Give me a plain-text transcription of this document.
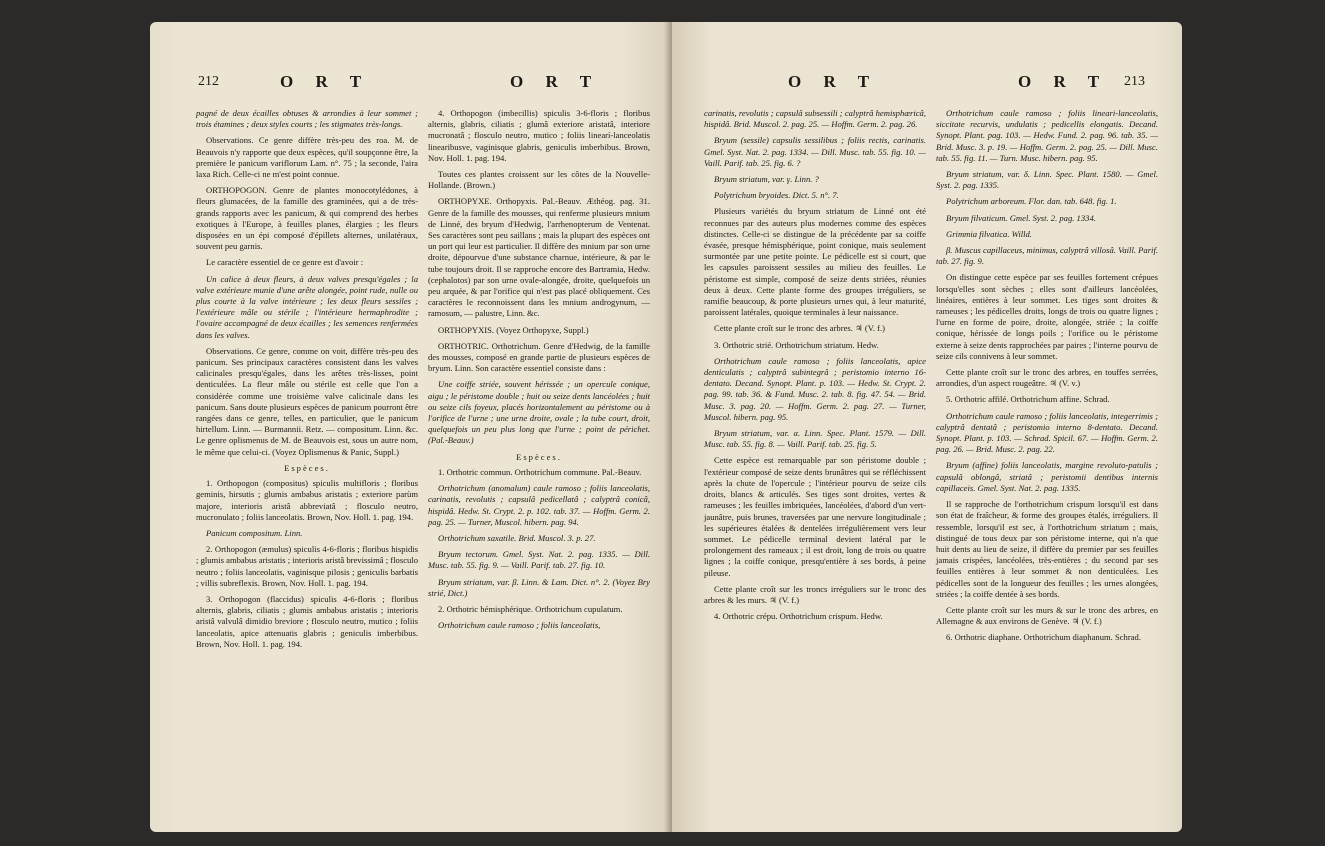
212	O R T	O R T

pagné de deux écailles obtuses & arrondies à leur sommet ; trois étamines ; deux styles courts ; les stigmates très-longs.

Observations. Ce genre diffère très-peu des roa. M. de Beauvois n'y rapporte que deux espèces, qu'il soupçonne être, la première le panicum variflorum Lam. n°. 75 ; la seconde, l'aira laxa Rich. Celle-ci ne m'est point connue.

ORTHOPOGON. Genre de plantes monocotylédones, à fleurs glumacées, de la famille des graminées, qui a de très-grands rapports avec les panicum, & qui comprend des herbes exotiques à l'Europe, à feuilles planes, élargies ; les fleurs disposées en un épi composé d'épillets alternes, unilatéraux, souvent peu garnis.

Le caractère essentiel de ce genre est d'avoir :

Un calice à deux fleurs, à deux valves presqu'égales ; la valve extérieure munie d'une arête alongée, point rude, nulle ou plus courte à la valve intérieure ; les deux fleurs sessiles ; l'extérieure mâle ou stérile ; l'intérieure hermaphrodite ; l'ovaire accompagné de deux écailles ; les semences renfermées dans les valves.

Observations. Ce genre, comme on voit, diffère très-peu des panicum. Ses principaux caractères consistent dans les valves calicinales presqu'égales, dans les arêtes très-lisses, point denticulées. La fleur mâle ou stérile est celle que l'on a considérée comme une troisième valve calicinale dans les panicum. Sans doute plusieurs espèces de panicum pourront être rangées dans ce genre, telles, en particulier, que le panicum hirtellum. Linn. — Burmannii. Retz. — compositum. Linn. &c. Le genre oplismenus de M. de Beauvois est, sous un autre nom, le même que celui-ci. (Voyez Oplismenus & Panic, Suppl.)

Espèces.

1. Orthopogon (compositus) spiculis multifloris ; floribus geminis, hirsutis ; glumis ambabus aristatis ; exteriore parùm majore, interioris aristâ abbreviatâ ; flosculo neutro, mucronulato ; foliis lanceolatis. Brown, Nov. Holl. 1. pag. 194.

Panicum compositum. Linn.

2. Orthopogon (æmulus) spiculis 4-6-floris ; floribus hispidis ; glumis ambabus aristatis ; interioris aristâ brevissimâ ; flosculo neutro ; foliis lanceolatis, vaginisque pilosis ; geniculis barbatis ; villis subreflexis. Brown, Nov. Holl. 1. pag. 194.

3. Orthopogon (flaccidus) spiculis 4-6-floris ; floribus alternis, glabris, ciliatis ; glumis ambabus aristatis ; interioris aristâ valvulâ dimidio breviore ; flosculo neutro, mutico ; foliis lanceolatis, apice attenuatis glabris ; geniculis imberbibus. Brown, Nov. Holl. 1. pag. 194.

4. Orthopogon (imbecillis) spiculis 3-6-floris ; floribus alternis, glabris, ciliatis ; glumâ exteriore aristatâ, interiore mucronatâ ; flosculo neutro, mutico ; foliis linearí-lanceolatis linearibusve, vaginisque glabris, geniculis imberbibus. Brown, Nov. Holl. 1. pag. 194.

Toutes ces plantes croissent sur les côtes de la Nouvelle-Hollande. (Brown.)

ORTHOPYXE. Orthopyxis. Pal.-Beauv. Æthéog. pag. 31. Genre de la famille des mousses, qui renferme plusieurs mnium de Linné, des bryum d'Hedwig, l'arrhenopterum de Ventenat. Ses caractères sont peu saillans ; mais la plupart des espèces ont un port qui leur est particulier. Il diffère des mnium par son urne droite, dépourvue d'une substance charnue, intérieure, & par le tube toujours droit. Il se rapproche encore des Bartramia, Hedw. (cephalotos) par son urne ovale-alongée, droite, quelquefois un peu arquée, & par l'orifice qui n'est pas placé obliquement. Ces caractères le reconnoissent dans les mnium androgynum, — ramosum, — palustre, Linn. &c.

ORTHOPYXIS. (Voyez Orthopyxe, Suppl.)

ORTHOTRIC. Orthotrichum. Genre d'Hedwig, de la famille des mousses, composé en grande partie de plusieurs espèces de bryum. Linn. Son caractère essentiel consiste dans :

Une coiffe striée, souvent hérissée ; un opercule conique, aigu ; le péristome double ; huit ou seize dents lancéolées ; huit ou seize cils foyeux, placés horizontalement au péristome ou à l'orifice de l'urne ; une urne droite, ovale ; la tube court, droit, quelquefois un peu plus long que l'urne ; point de périchet. (Pal.-Beauv.)

Espèces.

1. Orthotric commun. Orthotrichum commune. Pal.-Beauv.

Orthotrichum (anomalum) caule ramoso ; foliis lanceolatis, carinatis, revolutis ; capsulâ pedicellatâ ; calyptrâ conicâ, hispidâ. Hedw. St. Crypt. 2. p. 102. tab. 37. — Hoffm. Germ. 2. pag. 25. — Turner, Muscol. hibern. pag. 94.

Orthotrichum saxatile. Brid. Muscol. 3. p. 27.

Bryum tectorum. Gmel. Syst. Nat. 2. pag. 1335. — Dill. Musc. tab. 55. fig. 9. — Vaill. Parif. tab. 27. fig. 10.

Bryum striatum, var. β. Linn. & Lam. Dict. n°. 2. (Voyez Bry strié, Dict.)

2. Orthotric hémisphérique. Orthotrichum cupulatum.

Orthotrichum caule ramoso ; foliis lanceolatis,

O R T	O R T 213

carinatis, revolutis ; capsulâ subsessili ; calyptrâ hemisphæricâ, hispidâ. Brid. Muscol. 2. pag. 25. — Hoffm. Germ. 2. pag. 26.

Bryum (sessile) capsulis sessilibus ; foliis rectis, carinatis. Gmel. Syst. Nat. 2. pag. 1334. — Dill. Musc. tab. 55. fig. 10. — Vaill. Parif. tab. 25. fig. 6. ?

Bryum striatum, var. γ. Linn. ?

Polytrichum bryoides. Dict. 5. n°. 7.

Plusieurs variétés du bryum striatum de Linné ont été reconnues par des auteurs plus modernes comme des espèces distinctes. Celle-ci se distingue de la précédente par sa coiffe évasée, presque hémisphérique, point conique, mais seulement surmontée par une petite pointe. Le pédicelle est si court, que les capsules paroissent sessiles au milieu des feuilles. Le péristome est simple, composé de seize dents striées, réunies deux à deux. Cette plante forme des groupes irréguliers, se ramifie beaucoup, & porte plusieurs urnes qui, à leur maturité, paroissent latérales, quoique terminales à leur naissance.

Cette plante croît sur le tronc des arbres. ♃ (V. f.)

3. Orthotric strié. Orthotrichum striatum. Hedw.

Orthotrichum caule ramoso ; foliis lanceolatis, apice denticulatis ; calyptrâ subintegrâ ; peristomio interno 16-dentato. Decand. Synopt. Plant. p. 103. — Hedw. St. Crypt. 2. pag. 99. tab. 36. & Fund. Musc. 2. tab. 8. fig. 47. 54. — Brid. Musc. 3. pag. 20. — Hoffm. Germ. 2. pag. 27. — Turner, Muscol. hibern. pag. 95.

Bryum striatum, var. α. Linn. Spec. Plant. 1579. — Dill. Musc. tab. 55. fig. 8. — Vaill. Parif. tab. 25. fig. 5.

Cette espèce est remarquable par son péristome double ; l'extérieur composé de seize dents brunâtres qui se réfléchissent après la chute de l'opercule ; l'intérieur pourvu de seize cils droits, blancs & articulés. Ses tiges sont droites, vertes & rameuses ; les feuilles imbriquées, lancéolées, d'abord d'un vert-jaunâtre, puis brunes, traversées par une nervure longitudinale ; les supérieures étalées & dentelées irrégulièrement vers leur sommet. Le pédicelle terminal devient latéral par le prolongement des rameaux ; il est droit, long de trois ou quatre lignes ; la coiffe conique, presqu'entière à ses bords, à peine pileuse.

Cette plante croît sur les troncs irréguliers sur le tronc des arbres & les murs. ♃ (V. f.)

4. Orthotric crépu. Orthotrichum crispum. Hedw.

Orthotrichum caule ramoso ; foliis lineari-lanceolatis, siccitate recurvis, undulatis ; pedicellis elongatis. Decand. Synopt. Plant. pag. 103. — Hedw. Fund. 2. pag. 96. tab. 35. — Brid. Musc. 3. p. 19. — Hoffm. Germ. 2. pag. 25. — Dill. Musc. tab. 55. fig. 11. — Turn. Musc. hibern. pag. 95.

Bryum striatum, var. δ. Linn. Spec. Plant. 1580. — Gmel. Syst. 2. pag. 1335.

Polytrichum arboreum. Flor. dan. tab. 648. fig. 1.

Bryum filvaticum. Gmel. Syst. 2. pag. 1334.

Grimmia filvatica. Willd.

β. Muscus capillaceus, minimus, calyptrâ villosâ. Vaill. Parif. tab. 27. fig. 9.

On distingue cette espèce par ses feuilles fortement crépues lorsqu'elles sont sèches ; elles sont d'ailleurs lancéolées, linéaires, entières à leur sommet. Les tiges sont droites & rameuses ; les pédicelles droits, longs de trois ou quatre lignes ; l'urne en forme de poire, droite, alongée, striée ; la coiffe conique, hérissée de longs poils ; l'orifice ou le péristome externe à seize dents rapprochées par paires ; l'interne pourvu de seize cils connivens à leur sommet.

Cette plante croît sur le tronc des arbres, en touffes serrées, arrondies, d'un aspect rougeâtre. ♃ (V. v.)

5. Orthotric affilé. Orthotrichum affine. Schrad.

Orthotrichum caule ramoso ; foliis lanceolatis, integerrimis ; calyptrâ dentatâ ; peristomio interno 8-dentato. Decand. Synopt. Plant. p. 103. — Schrad. Spicil. 67. — Hoffm. Germ. 2. pag. 26. — Brid. Musc. 2. pag. 22.

Bryum (affine) foliis lanceolatis, margine revoluto-patulis ; capsulâ oblongâ, striatâ ; peristomii dentibus internis capillaceis. Gmel. Syst. Nat. 2. pag. 1335.

Il se rapproche de l'orthotrichum crispum lorsqu'il est dans son état de fraîcheur, & forme des groupes étalés, irréguliers. Il ressemble, lorsqu'il est sec, à l'orthotrichum striatum ; mais, distingué de tous deux par son péristome interne, qui n'a que huit dents au lieu de seize, il diffère du premier par ses feuilles jamais crispées, lancéolées, très-entières ; du second par ses feuilles entières à leur sommet & non denticulées. Les pédicelles sont de la longueur des feuilles ; les urnes alongées, striées ; la coiffe dentée à ses bords.

Cette plante croît sur les murs & sur le tronc des arbres, en Allemagne & aux environs de Genève. ♃ (V. f.)

6. Orthotric diaphane. Orthotrichum diaphanum. Schrad.
